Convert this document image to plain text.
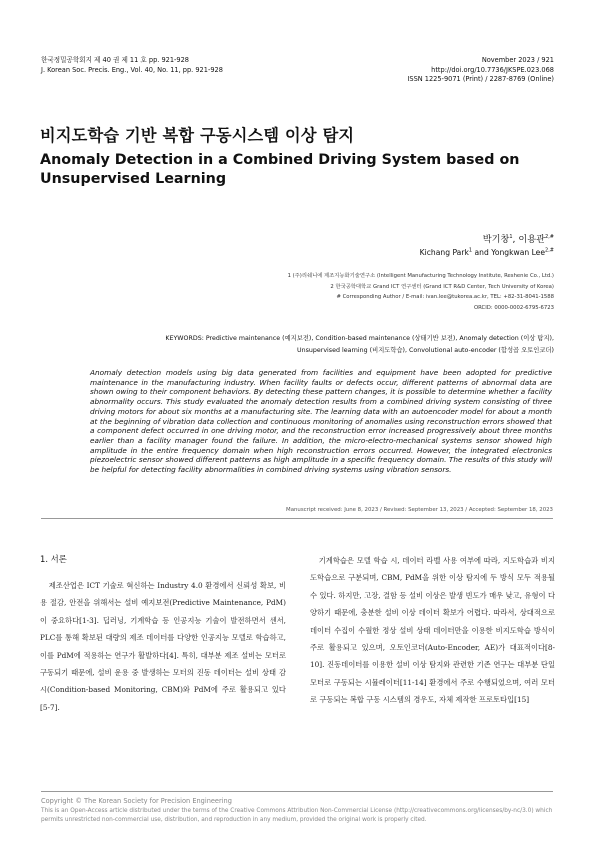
한국정밀공학회지 제 40 권 제 11 호 pp. 921-928
J. Korean Soc. Precis. Eng., Vol. 40, No. 11, pp. 921-928
November 2023 / 921
http://doi.org/10.7736/JKSPE.023.068
ISSN 1225-9071 (Print) / 2287-8769 (Online)
비지도학습 기반 복합 구동시스템 이상 탐지
Anomaly Detection in a Combined Driving System based on Unsupervised Learning
박기창$^1$, 이용관$^{2,\#}$
Kichang Park$^1$ and Yongkwan Lee$^{2,\#}$
1 (주)리쉐니에 제조지능화기술연구소 (Intelligent Manufacturing Technology Institute, Reshenie Co., Ltd.)
2 한국공학대학교 Grand ICT 연구센터 (Grand ICT R&D Center, Tech University of Korea)
# Corresponding Author / E-mail: ivan.lee@tukorea.ac.kr, TEL: +82-31-8041-1588
ORCID: 0000-0002-6795-6723
KEYWORDS: Predictive maintenance (예지보전), Condition-based maintenance (상태기반 보전), Anomaly detection (이상 탐지),
Unsupervised learning (비지도학습), Convolutional auto-encoder (합성곱 오토인코더)
Anomaly detection models using big data generated from facilities and equipment have been adopted for predictive maintenance in the manufacturing industry. When facility faults or defects occur, different patterns of abnormal data are shown owing to their component behaviors. By detecting these pattern changes, it is possible to determine whether a facility abnormality occurs. This study evaluated the anomaly detection results from a combined driving system consisting of three driving motors for about six months at a manufacturing site. The learning data with an autoencoder model for about a month at the beginning of vibration data collection and continuous monitoring of anomalies using reconstruction errors showed that a component defect occurred in one driving motor, and the reconstruction error increased progressively about three months earlier than a facility manager found the failure. In addition, the micro-electro-mechanical systems sensor showed high amplitude in the entire frequency domain when high reconstruction errors occurred. However, the integrated electronics piezoelectric sensor showed different patterns as high amplitude in a specific frequency domain. The results of this study will be helpful for detecting facility abnormalities in combined driving systems using vibration sensors.
Manuscript received: June 8, 2023 / Revised: September 13, 2023 / Accepted: September 18, 2023
1. 서론

제조산업은 ICT 기술로 혁신하는 Industry 4.0 환경에서 신뢰성 확보, 비용 절감, 안전을 위해서는 설비 예지보전(Predictive Maintenance, PdM)이 중요하다[1-3]. 딥러닝, 기계학습 등 인공지능 기술이 발전하면서 센서, PLC를 통해 확보된 대량의 제조 데이터를 다양한 인공지능 모델로 학습하고, 이를 PdM에 적용하는 연구가 활발하다[4]. 특히, 대부분 제조 설비는 모터로 구동되기 때문에, 설비 운용 중 발생하는 모터의 진동 데이터는 설비 상태 감시(Condition-based Monitoring, CBM)와 PdM에 주로 활용되고 있다[5-7].

기계학습은 모델 학습 시, 데이터 라벨 사용 여부에 따라, 지도학습과 비지도학습으로 구분되며, CBM, PdM을 위한 이상 탐지에 두 방식 모두 적용될 수 있다. 하지만, 고장, 결함 등 설비 이상은 발생 빈도가 매우 낮고, 유형이 다양하기 때문에, 충분한 설비 이상 데이터 확보가 어렵다. 따라서, 상대적으로 데이터 수집이 수월한 정상 설비 상태 데이터만을 이용한 비지도학습 방식이 주로 활용되고 있으며, 오토인코더(Auto-Encoder, AE)가 대표적이다[8-10]. 진동데이터를 이용한 설비 이상 탐지와 관련한 기존 연구는 대부분 단일 모터로 구동되는 시뮬레이터[11-14] 환경에서 주로 수행되었으며, 여러 모터로 구동되는 복합 구동 시스템의 경우도, 자체 제작한 프로토타입[15]

Copyright © The Korean Society for Precision Engineering
This is an Open-Access article distributed under the terms of the Creative Commons Attribution Non-Commercial License (http://creativecommons.org/licenses/by-nc/3.0) which permits unrestricted non-commercial use, distribution, and reproduction in any medium, provided the original work is properly cited.
